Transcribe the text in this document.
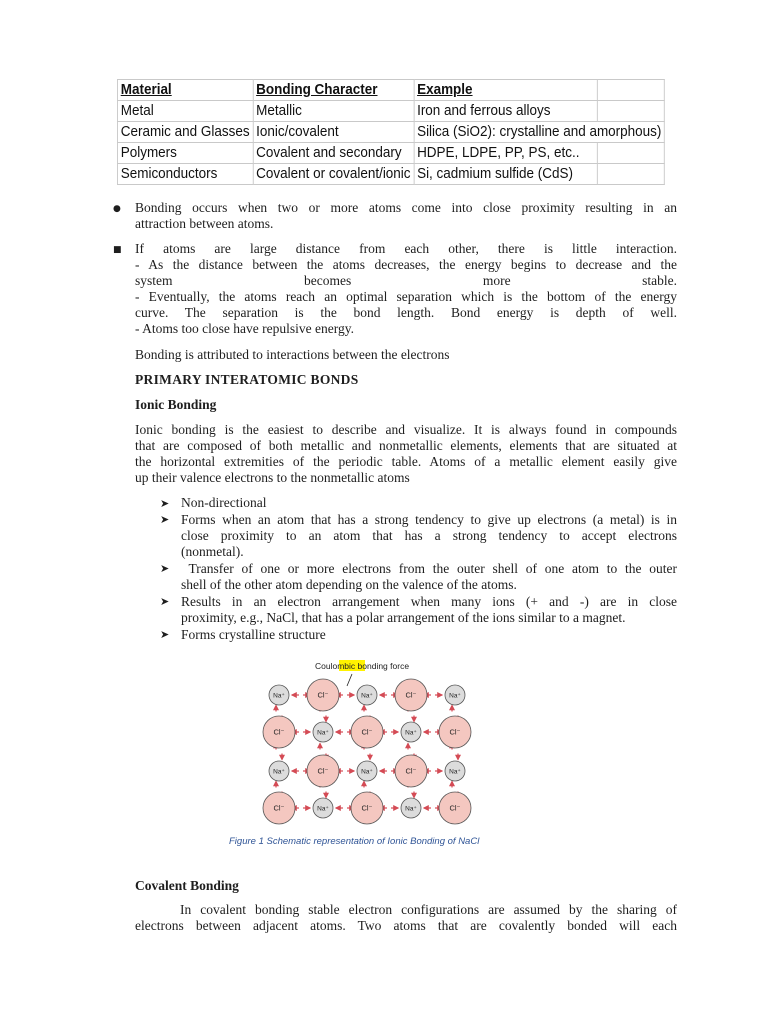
Material	Bonding Character	Example	
Metal	Metallic	Iron and ferrous alloys	
Ceramic and Glasses	Ionic/covalent	Silica (SiO2): crystalline and amorphous)	
Polymers	Covalent and secondary	HDPE, LDPE, PP, PS, etc..	
Semiconductors	Covalent or covalent/ionic	Si, cadmium sulfide (CdS)	
● Bonding occurs when two or more atoms come into close proximity resulting in an
attraction between atoms.
■ If atoms are large distance from each other, there is little interaction.
- As the distance between the atoms decreases, the energy begins to decrease and the
system becomes more stable.
- Eventually, the atoms reach an optimal separation which is the bottom of the energy
curve. The separation is the bond length. Bond energy is depth of well.
- Atoms too close have repulsive energy.
Bonding is attributed to interactions between the electrons
PRIMARY INTERATOMIC BONDS
Ionic Bonding
Ionic bonding is the easiest to describe and visualize. It is always found in compounds
that are composed of both metallic and nonmetallic elements, elements that are situated at
the horizontal extremities of the periodic table. Atoms of a metallic element easily give
up their valence electrons to the nonmetallic atoms
➤ Non-directional
➤ Forms when an atom that has a strong tendency to give up electrons (a metal) is in
close proximity to an atom that has a strong tendency to accept electrons
(nonmetal).
➤ Transfer of one or more electrons from the outer shell of one atom to the outer
shell of the other atom depending on the valence of the atoms.
➤ Results in an electron arrangement when many ions (+ and -) are in close
proximity, e.g., NaCl, that has a polar arrangement of the ions similar to a magnet.
➤ Forms crystalline structure
Coulombic bonding force
Na⁺	Cl⁻	Na⁺	Cl⁻	Na⁺
Cl⁻	Na⁺	Cl⁻	Na⁺	Cl⁻
Na⁺	Cl⁻	Na⁺	Cl⁻	Na⁺
Cl⁻	Na⁺	Cl⁻	Na⁺	Cl⁻
Figure 1 Schematic representation of Ionic Bonding of NaCl
Covalent Bonding
In covalent bonding stable electron configurations are assumed by the sharing of
electrons between adjacent atoms. Two atoms that are covalently bonded will each
